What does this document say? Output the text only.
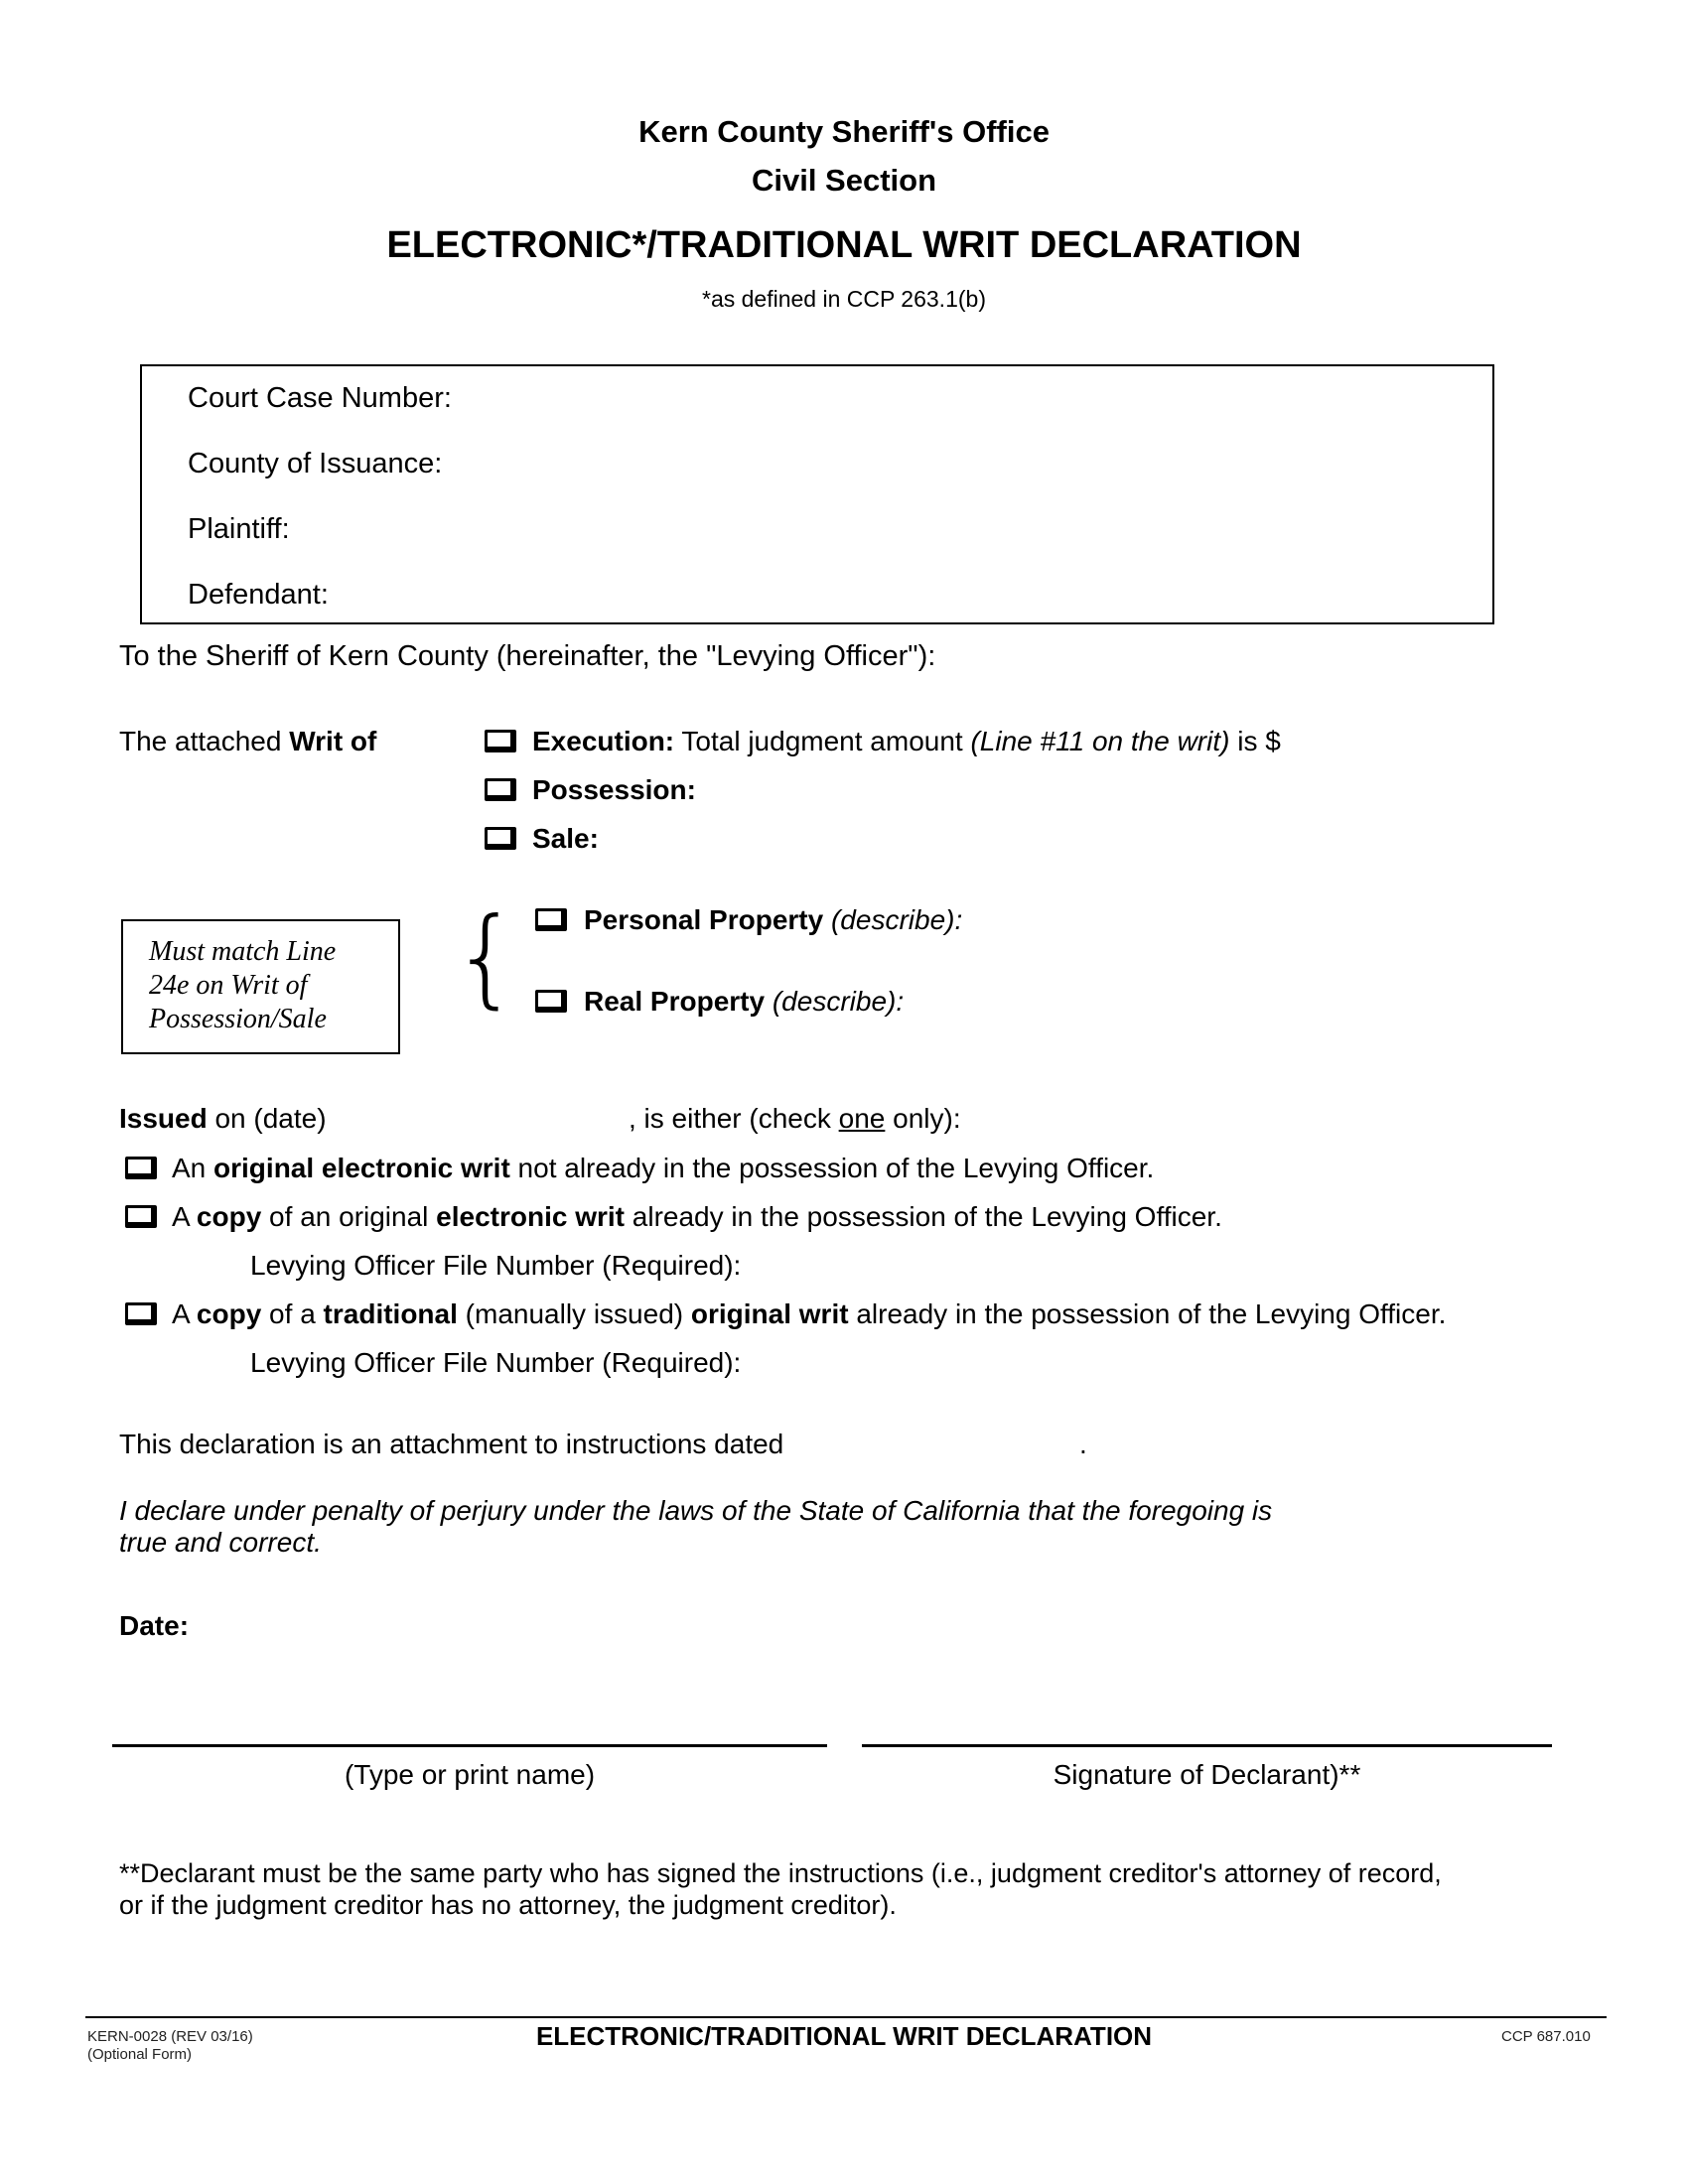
Kern County Sheriff's Office
Civil Section
ELECTRONIC*/TRADITIONAL WRIT DECLARATION
*as defined in CCP 263.1(b)
Court Case Number:
County of Issuance:
Plaintiff:
Defendant:
To the Sheriff of Kern County (hereinafter, the "Levying Officer"):
The attached Writ of	Execution: Total judgment amount (Line #11 on the writ) is $
Possession:
Sale:
Must match Line
24e on Writ of
Possession/Sale	{ Personal Property (describe):
Real Property (describe):
Issued on (date)	, is either (check one only):
An original electronic writ not already in the possession of the Levying Officer.
A copy of an original electronic writ already in the possession of the Levying Officer.
Levying Officer File Number (Required):
A copy of a traditional (manually issued) original writ already in the possession of the Levying Officer.
Levying Officer File Number (Required):
This declaration is an attachment to instructions dated	.
I declare under penalty of perjury under the laws of the State of California that the foregoing is
true and correct.
Date:
(Type or print name)	Signature of Declarant)**
**Declarant must be the same party who has signed the instructions (i.e., judgment creditor's attorney of record,
or if the judgment creditor has no attorney, the judgment creditor).
KERN-0028 (REV 03/16)
(Optional Form)
ELECTRONIC/TRADITIONAL WRIT DECLARATION	CCP 687.010
